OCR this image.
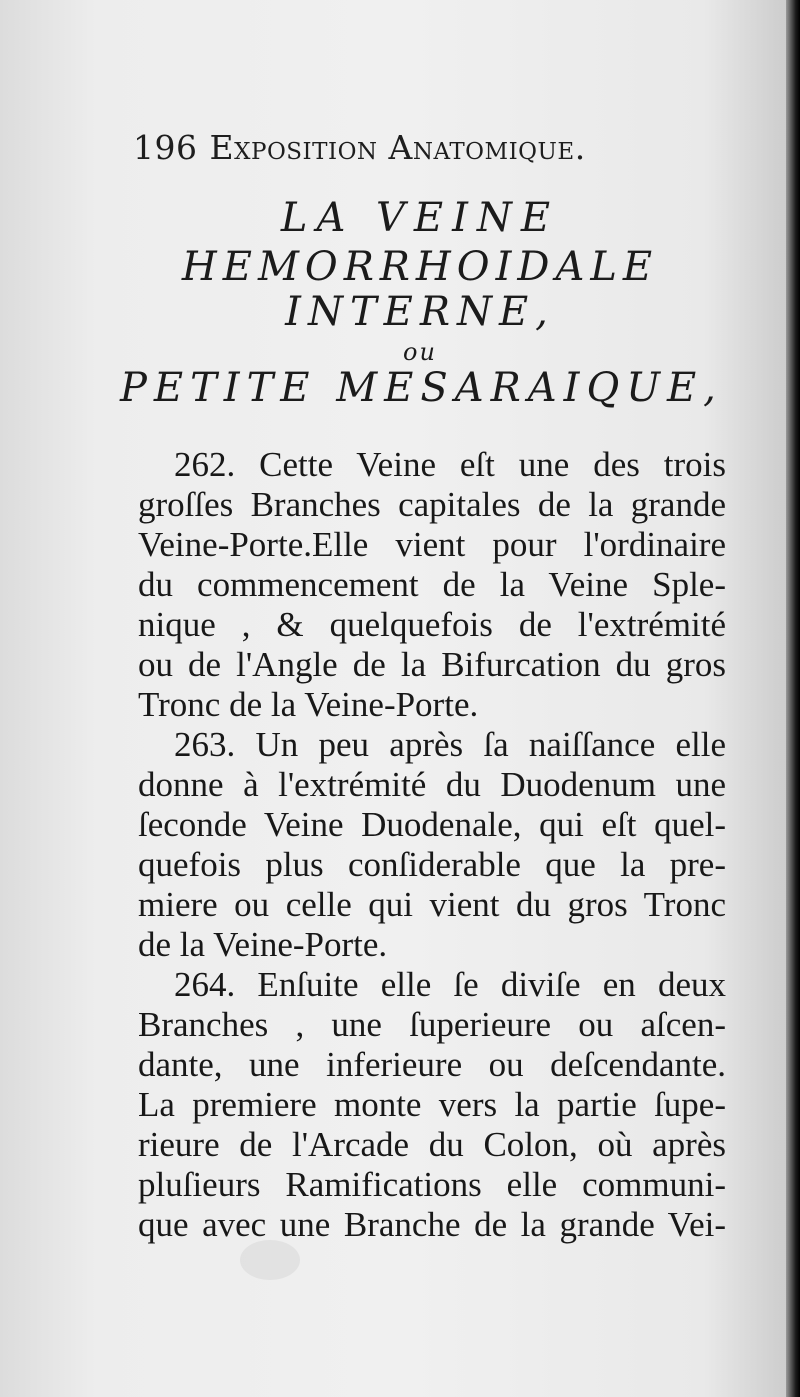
196 Exposition Anatomique.
LA VEINE
HEMORRHOIDALE
INTERNE,
ou
PETITE MESARAIQUE,
262. Cette Veine eſt une des trois
groſſes Branches capitales de la grande
Veine-Porte.Elle vient pour l'ordinaire
du commencement de la Veine Sple-
nique , & quelquefois de l'extrémité
ou de l'Angle de la Bifurcation du gros
Tronc de la Veine-Porte.
263. Un peu après ſa naiſſance elle
donne à l'extrémité du Duodenum une
ſeconde Veine Duodenale, qui eſt quel-
quefois plus conſiderable que la pre-
miere ou celle qui vient du gros Tronc
de la Veine-Porte.
264. Enſuite elle ſe diviſe en deux
Branches , une ſuperieure ou aſcen-
dante, une inferieure ou deſcendante.
La premiere monte vers la partie ſupe-
rieure de l'Arcade du Colon, où après
pluſieurs Ramifications elle communi-
que avec une Branche de la grande Vei-
